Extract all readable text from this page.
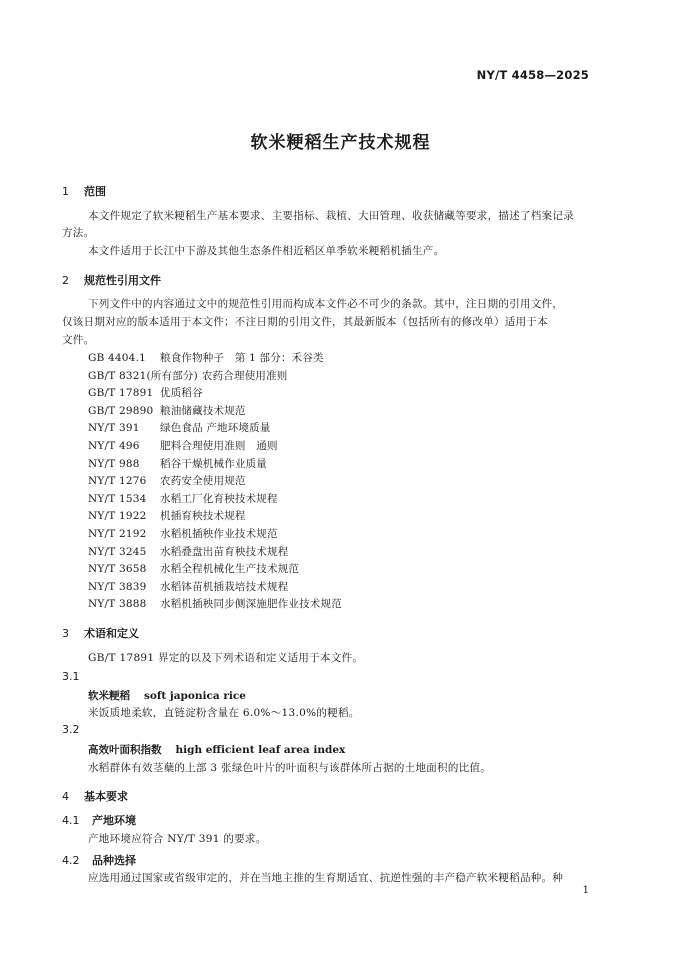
NY/T 4458—2025
软米粳稻生产技术规程
1 范围
本文件规定了软米粳稻生产基本要求、主要指标、栽植、大田管理、收获储藏等要求，描述了档案记录
方法。
本文件适用于长江中下游及其他生态条件相近稻区单季软米粳稻机插生产。
2 规范性引用文件
下列文件中的内容通过文中的规范性引用而构成本文件必不可少的条款。其中，注日期的引用文件，
仅该日期对应的版本适用于本文件；不注日期的引用文件，其最新版本（包括所有的修改单）适用于本
文件。
GB 4404.1 粮食作物种子　第 1 部分：禾谷类
GB/T 8321(所有部分) 农药合理使用准则
GB/T 17891 优质稻谷
GB/T 29890 粮油储藏技术规范
NY/T 391 绿色食品 产地环境质量
NY/T 496 肥料合理使用准则　通则
NY/T 988 稻谷干燥机械作业质量
NY/T 1276 农药安全使用规范
NY/T 1534 水稻工厂化育秧技术规程
NY/T 1922 机插育秧技术规程
NY/T 2192 水稻机插秧作业技术规范
NY/T 3245 水稻叠盘出苗育秧技术规程
NY/T 3658 水稻全程机械化生产技术规范
NY/T 3839 水稻钵苗机插栽培技术规程
NY/T 3888 水稻机插秧同步侧深施肥作业技术规范
3 术语和定义
GB/T 17891 界定的以及下列术语和定义适用于本文件。
3.1
软米粳稻 soft japonica rice
米饭质地柔软，直链淀粉含量在 6.0%～13.0%的粳稻。
3.2
高效叶面积指数 high efficient leaf area index
水稻群体有效茎蘖的上部 3 张绿色叶片的叶面积与该群体所占据的土地面积的比值。
4 基本要求
4.1 产地环境
产地环境应符合 NY/T 391 的要求。
4.2 品种选择
应选用通过国家或省级审定的，并在当地主推的生育期适宜、抗逆性强的丰产稳产软米粳稻品种。种
1
